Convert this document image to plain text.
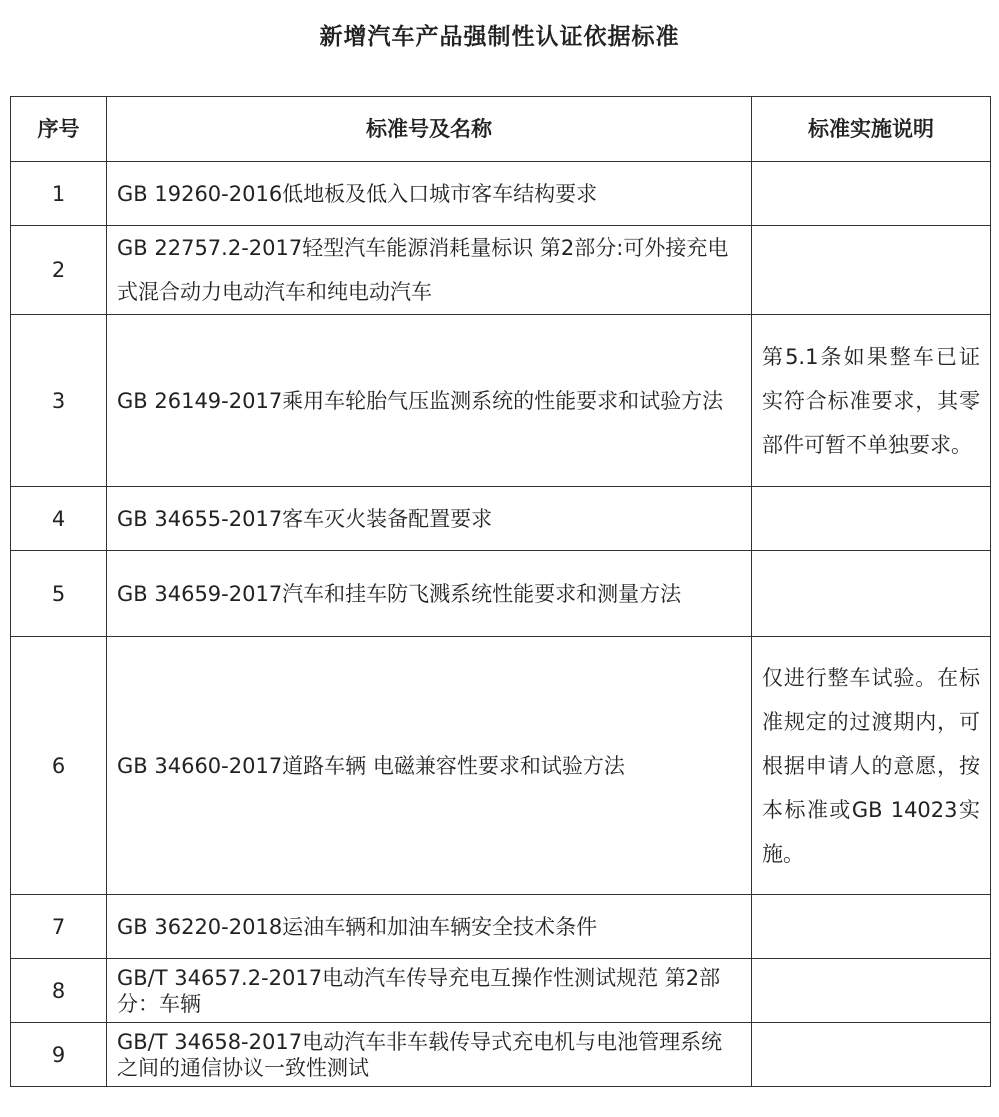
新增汽车产品强制性认证依据标准
序号	标准号及名称	标准实施说明
1	GB 19260-2016低地板及低入口城市客车结构要求	
2	GB 22757.2-2017轻型汽车能源消耗量标识 第2部分:可外接充电式混合动力电动汽车和纯电动汽车	
3	GB 26149-2017乘用车轮胎气压监测系统的性能要求和试验方法	第5.1条如果整车已证实符合标准要求，其零部件可暂不单独要求。

4	GB 34655-2017客车灭火装备配置要求	
5	GB 34659-2017汽车和挂车防飞溅系统性能要求和测量方法	
6	GB 34660-2017道路车辆 电磁兼容性要求和试验方法	仅进行整车试验。在标准规定的过渡期内，可根据申请人的意愿，按本标准或GB 14023实施。

7	GB 36220-2018运油车辆和加油车辆安全技术条件	
8	GB/T 34657.2-2017电动汽车传导充电互操作性测试规范 第2部分：车辆	
9	GB/T 34658-2017电动汽车非车载传导式充电机与电池管理系统之间的通信协议一致性测试	
